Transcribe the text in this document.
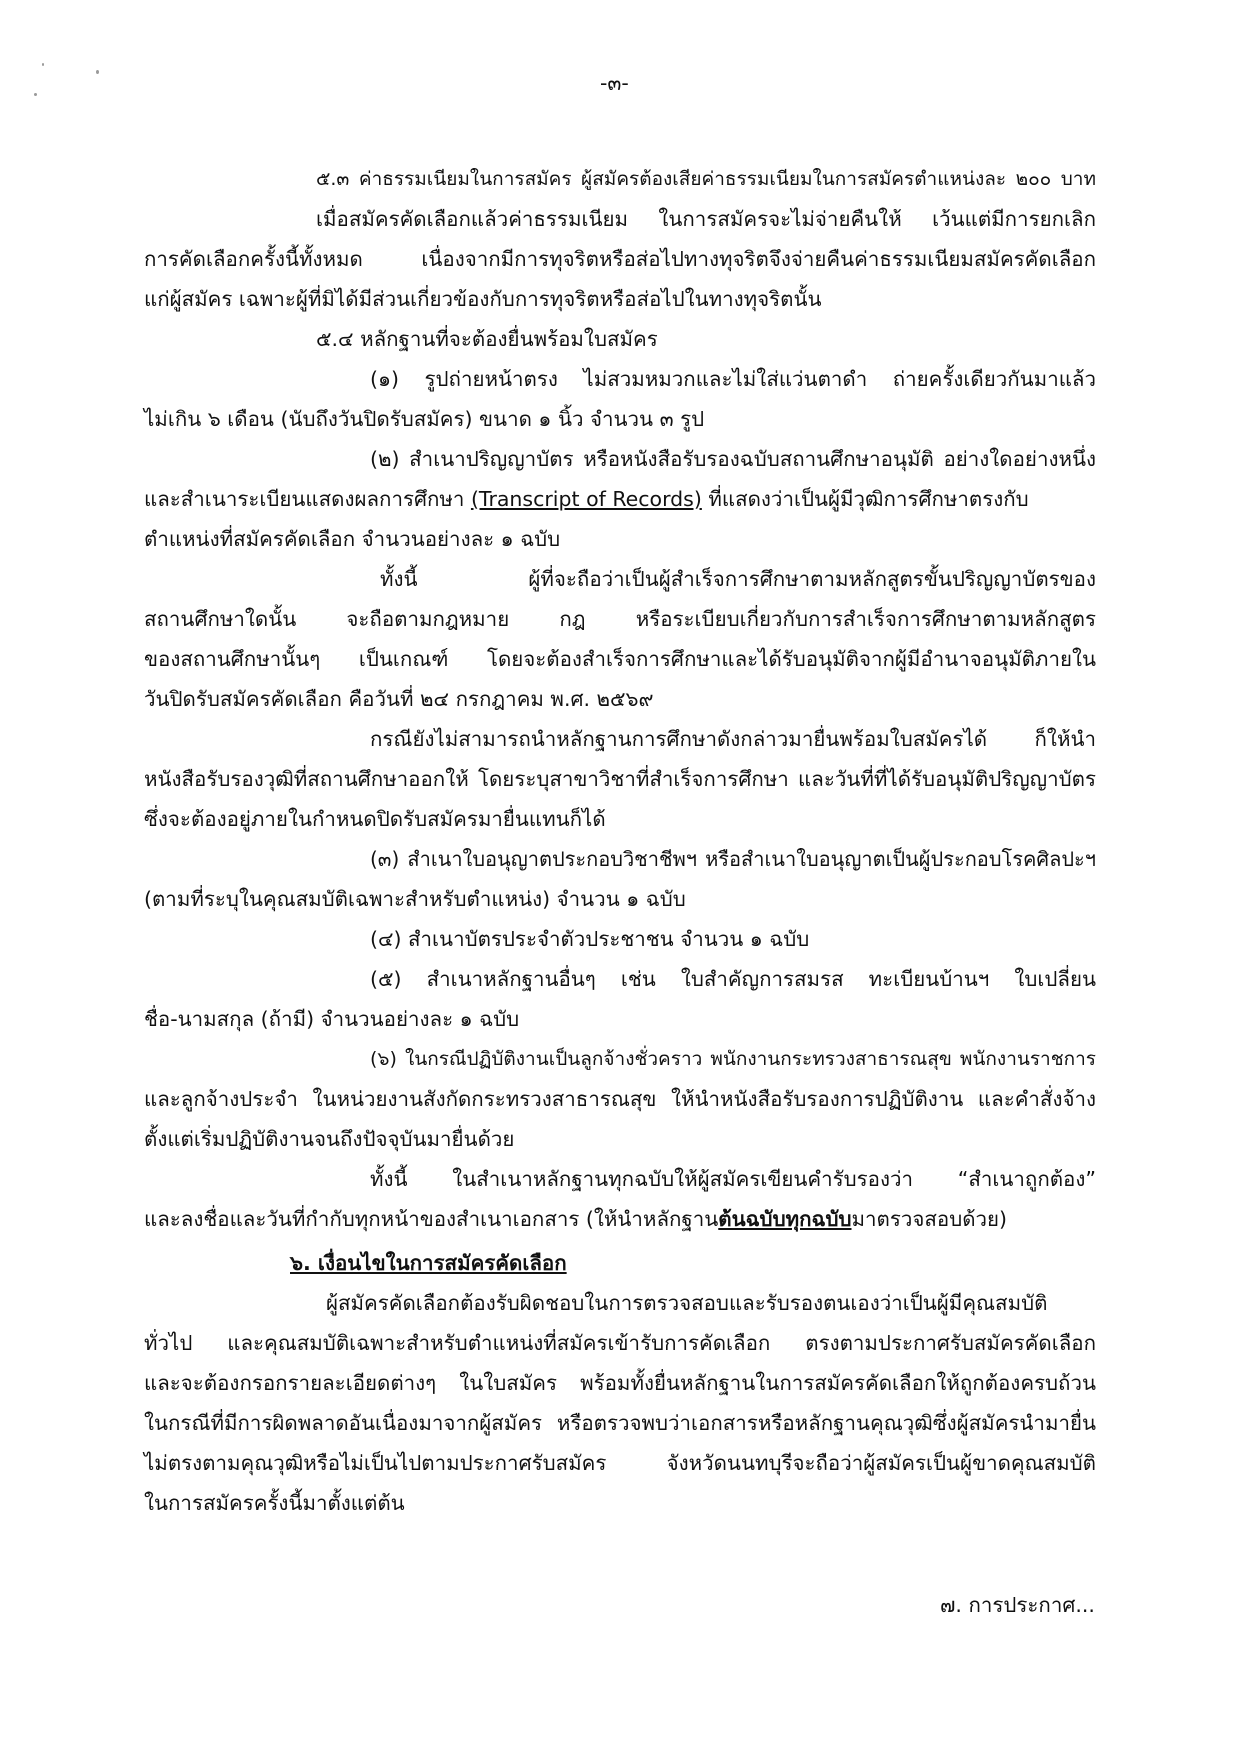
-๓-
๕.๓ ค่าธรรมเนียมในการสมัคร ผู้สมัครต้องเสียค่าธรรมเนียมในการสมัครตำแหน่งละ ๒๐๐ บาท
เมื่อสมัครคัดเลือกแล้วค่าธรรมเนียม ในการสมัครจะไม่จ่ายคืนให้ เว้นแต่มีการยกเลิก
การคัดเลือกครั้งนี้ทั้งหมด เนื่องจากมีการทุจริตหรือส่อไปทางทุจริตจึงจ่ายคืนค่าธรรมเนียมสมัครคัดเลือก
แก่ผู้สมัคร เฉพาะผู้ที่มิได้มีส่วนเกี่ยวข้องกับการทุจริตหรือส่อไปในทางทุจริตนั้น
๕.๔ หลักฐานที่จะต้องยื่นพร้อมใบสมัคร
(๑) รูปถ่ายหน้าตรง ไม่สวมหมวกและไม่ใส่แว่นตาดำ ถ่ายครั้งเดียวกันมาแล้ว
ไม่เกิน ๖ เดือน (นับถึงวันปิดรับสมัคร) ขนาด ๑ นิ้ว จำนวน ๓ รูป
(๒) สำเนาปริญญาบัตร หรือหนังสือรับรองฉบับสถานศึกษาอนุมัติ อย่างใดอย่างหนึ่ง
และสำเนาระเบียนแสดงผลการศึกษา (Transcript of Records) ที่แสดงว่าเป็นผู้มีวุฒิการศึกษาตรงกับ
ตำแหน่งที่สมัครคัดเลือก จำนวนอย่างละ ๑ ฉบับ
ทั้งนี้ ผู้ที่จะถือว่าเป็นผู้สำเร็จการศึกษาตามหลักสูตรขั้นปริญญาบัตรของ
สถานศึกษาใดนั้น จะถือตามกฎหมาย กฎ หรือระเบียบเกี่ยวกับการสำเร็จการศึกษาตามหลักสูตร
ของสถานศึกษานั้นๆ เป็นเกณฑ์ โดยจะต้องสำเร็จการศึกษาและได้รับอนุมัติจากผู้มีอำนาจอนุมัติภายใน
วันปิดรับสมัครคัดเลือก คือวันที่ ๒๔ กรกฎาคม พ.ศ. ๒๕๖๙
กรณียังไม่สามารถนำหลักฐานการศึกษาดังกล่าวมายื่นพร้อมใบสมัครได้ ก็ให้นำ
หนังสือรับรองวุฒิที่สถานศึกษาออกให้ โดยระบุสาขาวิชาที่สำเร็จการศึกษา และวันที่ที่ได้รับอนุมัติปริญญาบัตร
ซึ่งจะต้องอยู่ภายในกำหนดปิดรับสมัครมายื่นแทนก็ได้
(๓) สำเนาใบอนุญาตประกอบวิชาชีพฯ หรือสำเนาใบอนุญาตเป็นผู้ประกอบโรคศิลปะฯ
(ตามที่ระบุในคุณสมบัติเฉพาะสำหรับตำแหน่ง) จำนวน ๑ ฉบับ
(๔) สำเนาบัตรประจำตัวประชาชน จำนวน ๑ ฉบับ
(๕) สำเนาหลักฐานอื่นๆ เช่น ใบสำคัญการสมรส ทะเบียนบ้านฯ ใบเปลี่ยน
ชื่อ-นามสกุล (ถ้ามี) จำนวนอย่างละ ๑ ฉบับ
(๖) ในกรณีปฏิบัติงานเป็นลูกจ้างชั่วคราว พนักงานกระทรวงสาธารณสุข พนักงานราชการ
และลูกจ้างประจำ ในหน่วยงานสังกัดกระทรวงสาธารณสุข ให้นำหนังสือรับรองการปฏิบัติงาน และคำสั่งจ้าง
ตั้งแต่เริ่มปฏิบัติงานจนถึงปัจจุบันมายื่นด้วย
ทั้งนี้ ในสำเนาหลักฐานทุกฉบับให้ผู้สมัครเขียนคำรับรองว่า “สำเนาถูกต้อง”
และลงชื่อและวันที่กำกับทุกหน้าของสำเนาเอกสาร (ให้นำหลักฐานต้นฉบับทุกฉบับมาตรวจสอบด้วย)
๖. เงื่อนไขในการสมัครคัดเลือก
ผู้สมัครคัดเลือกต้องรับผิดชอบในการตรวจสอบและรับรองตนเองว่าเป็นผู้มีคุณสมบัติ
ทั่วไป และคุณสมบัติเฉพาะสำหรับตำแหน่งที่สมัครเข้ารับการคัดเลือก ตรงตามประกาศรับสมัครคัดเลือก
และจะต้องกรอกรายละเอียดต่างๆ ในใบสมัคร พร้อมทั้งยื่นหลักฐานในการสมัครคัดเลือกให้ถูกต้องครบถ้วน
ในกรณีที่มีการผิดพลาดอันเนื่องมาจากผู้สมัคร หรือตรวจพบว่าเอกสารหรือหลักฐานคุณวุฒิซึ่งผู้สมัครนำมายื่น
ไม่ตรงตามคุณวุฒิหรือไม่เป็นไปตามประกาศรับสมัคร จังหวัดนนทบุรีจะถือว่าผู้สมัครเป็นผู้ขาดคุณสมบัติ
ในการสมัครครั้งนี้มาตั้งแต่ต้น
๗. การประกาศ...
